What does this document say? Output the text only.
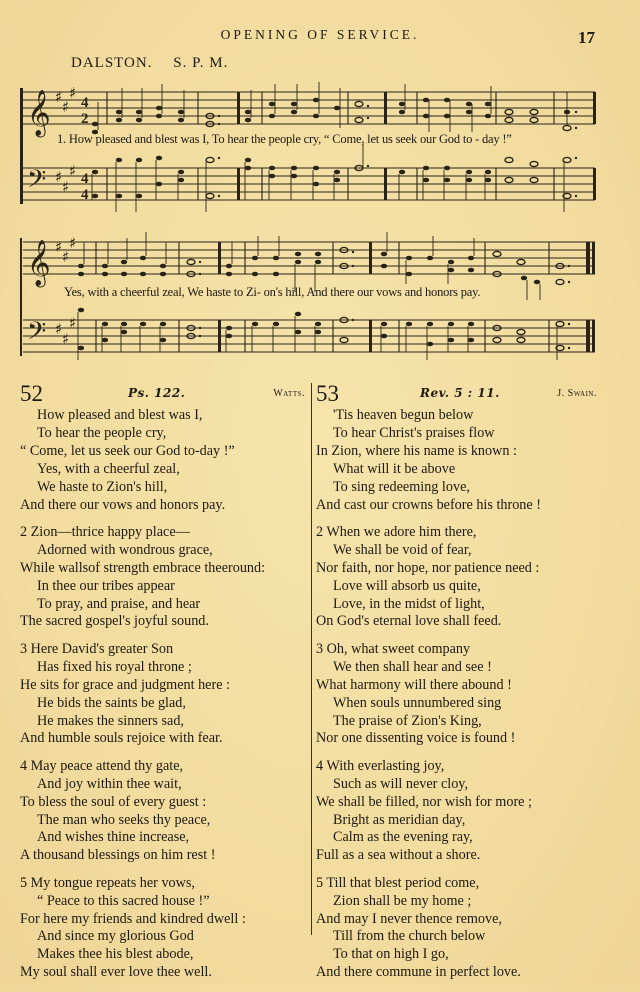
OPENING OF SERVICE.	17
DALSTON. S. P. M.
𝄞
𝄢
♯
♯
♯
♯
♯
♯
4
2
4
4
1. How pleased and blest was I, To hear the people cry, “ Come, let us seek our God to - day !”
𝄞
𝄢
♯
♯
♯
♯
♯
♯
Yes, with a cheerful zeal, We haste to Zi- on's hill, And there our vows and honors pay.
52	Ps. 122.	Watts.
How pleased and blest was I,
To hear the people cry,
“ Come, let us seek our God to-day !”
Yes, with a cheerful zeal,
We haste to Zion's hill,
And there our vows and honors pay.
2 Zion—thrice happy place—
Adorned with wondrous grace,
While wallsof strength embrace theeround:
In thee our tribes appear
To pray, and praise, and hear
The sacred gospel's joyful sound.
3 Here David's greater Son
Has fixed his royal throne ;
He sits for grace and judgment here :
He bids the saints be glad,
He makes the sinners sad,
And humble souls rejoice with fear.
4 May peace attend thy gate,
And joy within thee wait,
To bless the soul of every guest :
The man who seeks thy peace,
And wishes thine increase,
A thousand blessings on him rest !
5 My tongue repeats her vows,
“ Peace to this sacred house !”
For here my friends and kindred dwell :
And since my glorious God
Makes thee his blest abode,
My soul shall ever love thee well.
53	Rev. 5 : 11.	J. Swain.
'Tis heaven begun below
To hear Christ's praises flow
In Zion, where his name is known :
What will it be above
To sing redeeming love,
And cast our crowns before his throne !
2 When we adore him there,
We shall be void of fear,
Nor faith, nor hope, nor patience need :
Love will absorb us quite,
Love, in the midst of light,
On God's eternal love shall feed.
3 Oh, what sweet company
We then shall hear and see !
What harmony will there abound !
When souls unnumbered sing
The praise of Zion's King,
Nor one dissenting voice is found !
4 With everlasting joy,
Such as will never cloy,
We shall be filled, nor wish for more ;
Bright as meridian day,
Calm as the evening ray,
Full as a sea without a shore.
5 Till that blest period come,
Zion shall be my home ;
And may I never thence remove,
Till from the church below
To that on high I go,
And there commune in perfect love.
